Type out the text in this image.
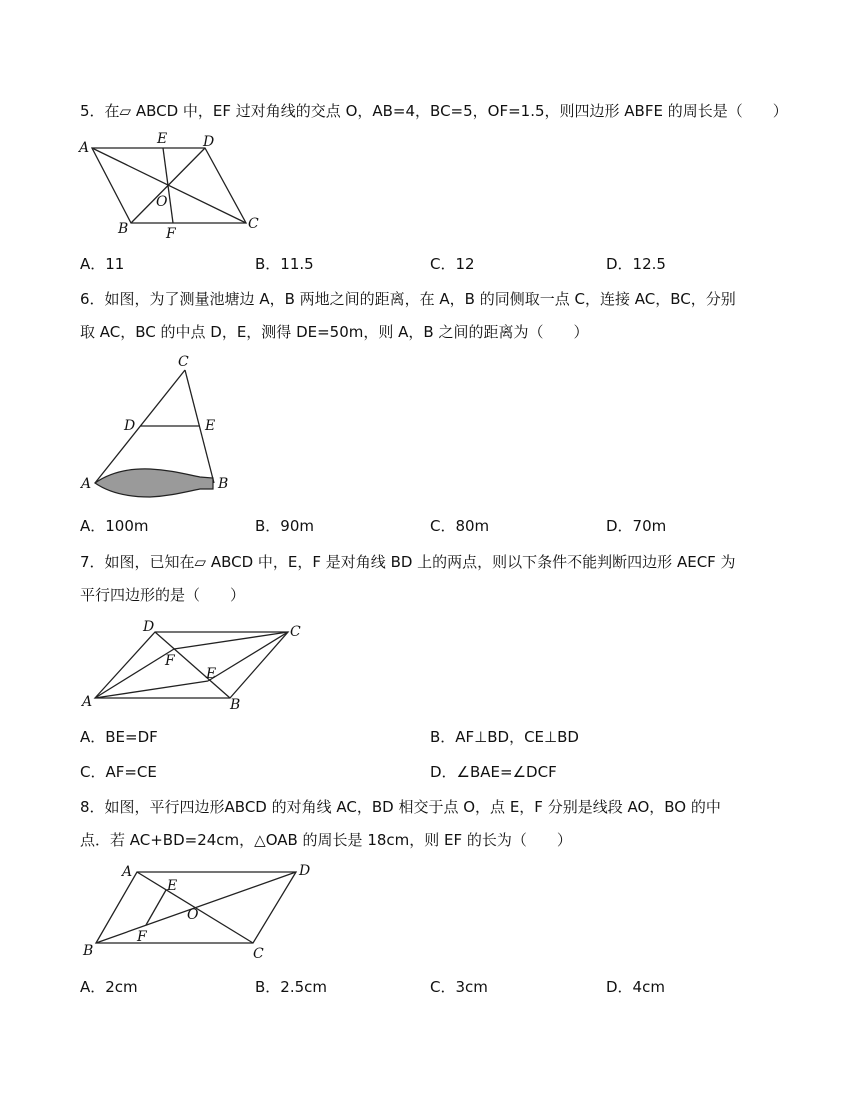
5．在▱ ABCD 中，EF 过对角线的交点 O，AB=4，BC=5，OF=1.5，则四边形 ABFE 的周长是（　　）
A
E	D
O
B	F
C
A．11	B．11.5	C．12	D．12.5
6．如图，为了测量池塘边 A，B 两地之间的距离，在 A，B 的同侧取一点 C，连接 AC，BC，分别
取 AC，BC 的中点 D，E，测得 DE=50m，则 A，B 之间的距离为（　　）
C
D	E
A	B
A．100m	B．90m	C．80m	D．70m
7．如图，已知在▱ ABCD 中，E，F 是对角线 BD 上的两点，则以下条件不能判断四边形 AECF 为
平行四边形的是（　　）
D	C
F
E
A	B
A．BE=DF	B．AF⊥BD，CE⊥BD
C．AF=CE	D．∠BAE=∠DCF
8．如图，平行四边形ABCD 的对角线 AC，BD 相交于点 O，点 E，F 分别是线段 AO，BO 的中
点．若 AC+BD=24cm，△OAB 的周长是 18cm，则 EF 的长为（　　）
A
E
D
O
B
F
C
A．2cm	B．2.5cm	C．3cm	D．4cm
